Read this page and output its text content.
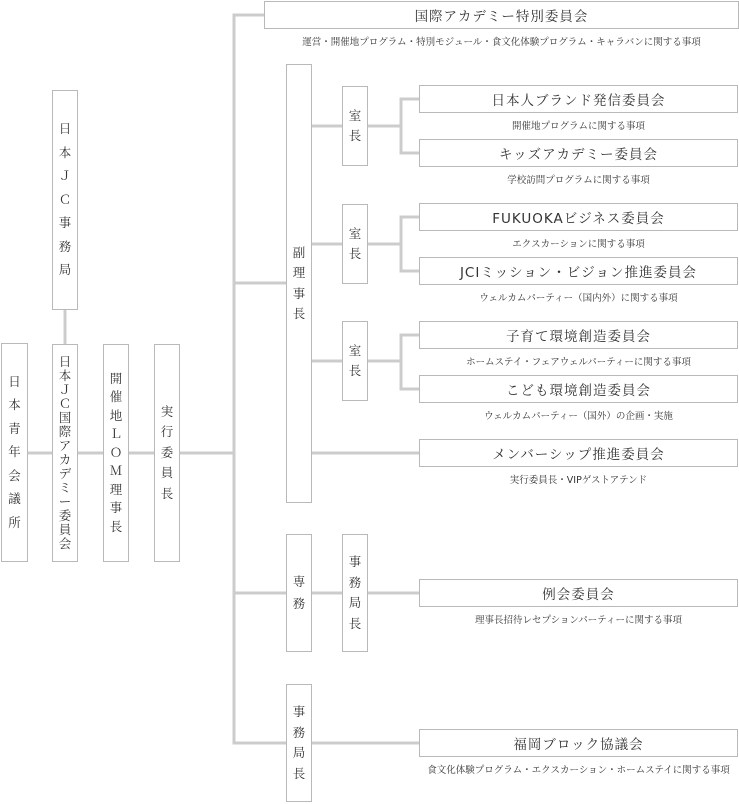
日
本
青
年
会
議
所
日
本
Ｊ
Ｃ
事
務
局
日
本
Ｊ
Ｃ
国
際
ア
カ
デ
ミ
ー
委
員
会
開
催
地
Ｌ
Ｏ
Ｍ
理
事
長
実
行
委
員
長
国際アカデミー特別委員会
運営・開催地プログラム・特別モジュール・食文化体験プログラム・キャラバンに関する事項
副
理
事
長
室
長
室
長
室
長
日本人ブランド発信委員会
開催地プログラムに関する事項
キッズアカデミー委員会
学校訪問プログラムに関する事項
FUKUOKAビジネス委員会
エクスカーションに関する事項
JCIミッション・ビジョン推進委員会
ウェルカムパーティー（国内外）に関する事項
子育て環境創造委員会
ホームステイ・フェアウェルパーティーに関する事項
こども環境創造委員会
ウェルカムパーティー（国外）の企画・実施
メンバーシップ推進委員会
実行委員長・VIPゲストアテンド
専
務
事
務
局
長
例会委員会
理事長招待レセプションパーティーに関する事項
事
務
局
長
福岡ブロック協議会
食文化体験プログラム・エクスカーション・ホームステイに関する事項
